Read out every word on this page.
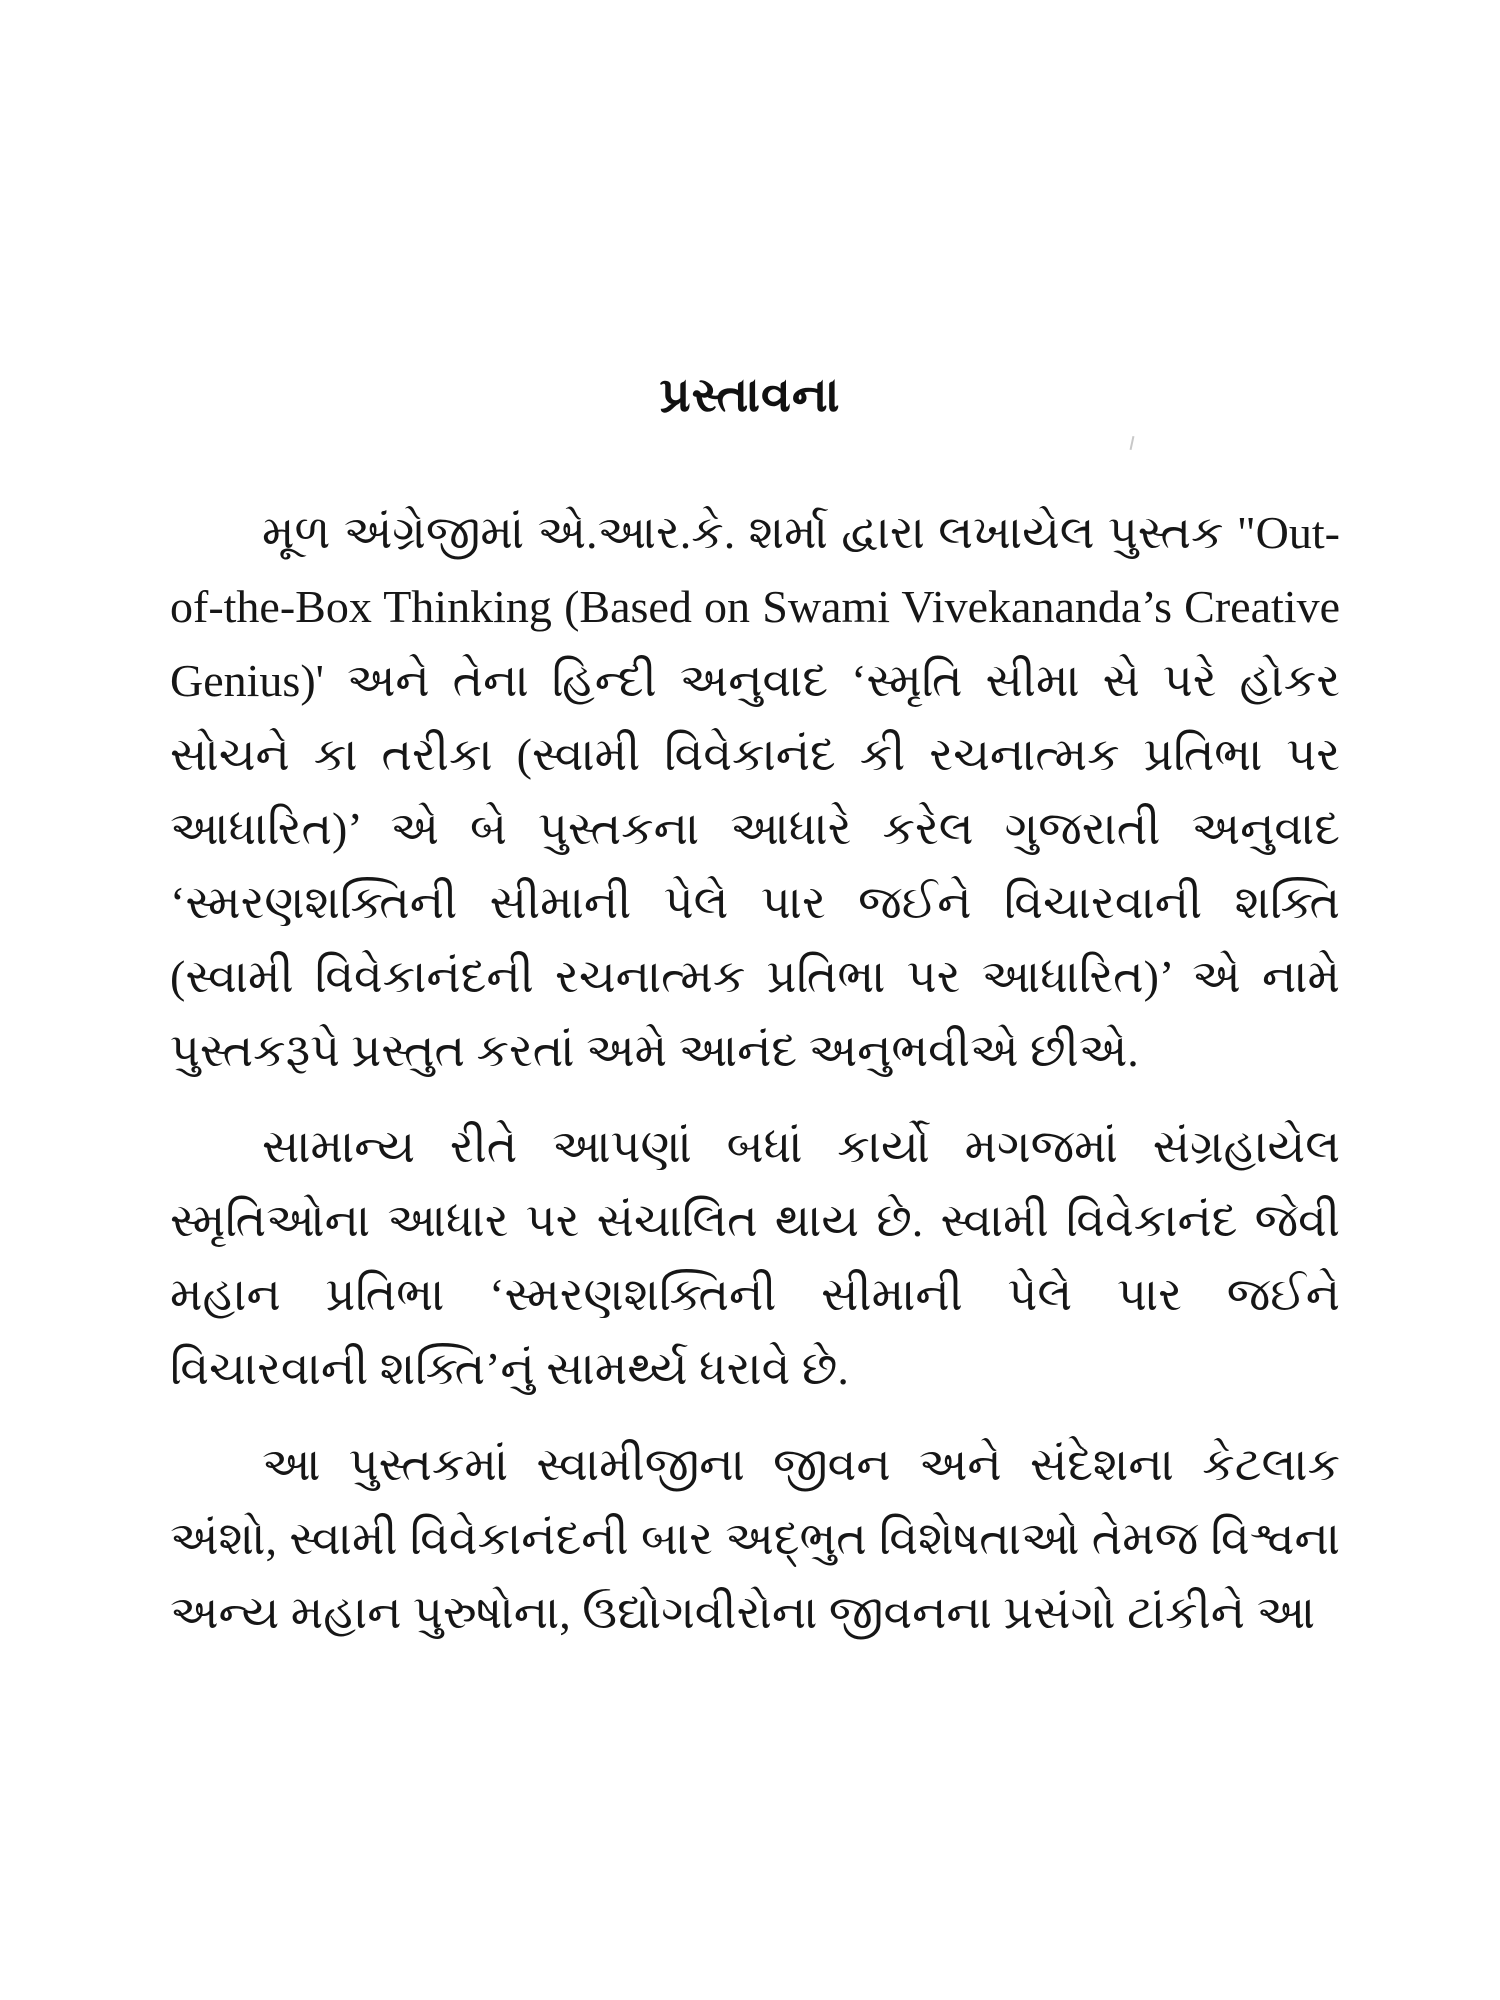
પ્રસ્તાવના

મૂળ અંગ્રેજીમાં એ.આર.કે. શર્મા દ્વારા લખાયેલ પુસ્તક "Out-of-the-Box Thinking (Based on Swami Vivekananda’s Creative Genius)' અને તેના હિન્દી અનુવાદ ‘સ્મૃતિ સીમા સે પરે હોકર સોચને કા તરીકા (સ્વામી વિવેકાનંદ કી રચનાત્મક પ્રતિભા પર આધારિત)’ એ બે પુસ્તકના આધારે કરેલ ગુજરાતી અનુવાદ ‘સ્મરણશક્તિની સીમાની પેલે પાર જઈને વિચારવાની શક્તિ (સ્વામી વિવેકાનંદની રચનાત્મક પ્રતિભા પર આધારિત)’ એ નામે પુસ્તકરૂપે પ્રસ્તુત કરતાં અમે આનંદ અનુભવીએ છીએ.

સામાન્ય રીતે આપણાં બધાં કાર્યો મગજમાં સંગ્રહાયેલ સ્મૃતિઓના આધાર પર સંચાલિત થાય છે. સ્વામી વિવેકાનંદ જેવી મહાન પ્રતિભા ‘સ્મરણશક્તિની સીમાની પેલે પાર જઈને વિચારવાની શક્તિ’નું સામર્થ્ય ધરાવે છે.

આ પુસ્તકમાં સ્વામીજીના જીવન અને સંદેશના કેટલાક અંશો, સ્વામી વિવેકાનંદની બાર અદ્ભુત વિશેષતાઓ તેમજ વિશ્વના અન્ય મહાન પુરુષોના, ઉદ્યોગવીરોના જીવનના પ્રસંગો ટાંકીને આ
